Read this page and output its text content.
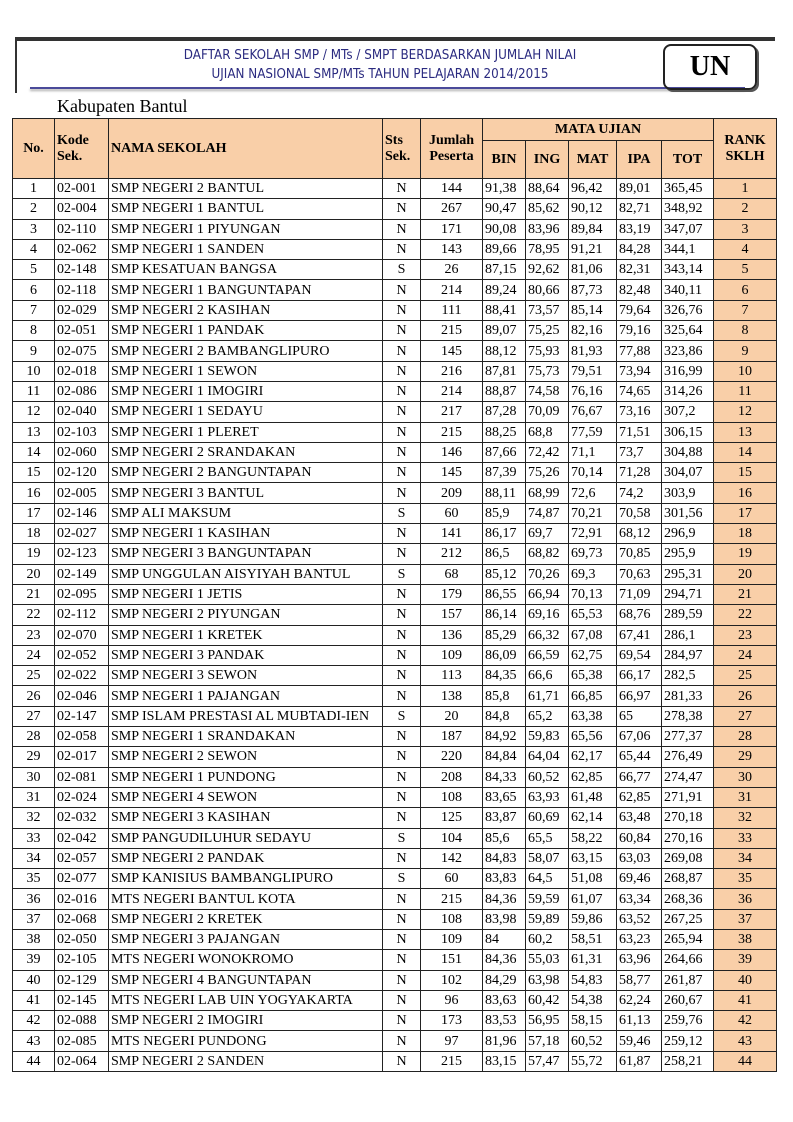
DAFTAR SEKOLAH SMP / MTs / SMPT BERDASARKAN JUMLAH NILAI
UJIAN NASIONAL SMP/MTs TAHUN PELAJARAN 2014/2015	UN
Kabupaten Bantul
No.	Kode Sek.	NAMA SEKOLAH	Sts Sek.	Jumlah Peserta	MATA UJIAN					RANK SKLH
					BIN	ING	MAT	IPA	TOT	
1	02-001	SMP NEGERI 2 BANTUL	N	144	91,38	88,64	96,42	89,01	365,45	1
2	02-004	SMP NEGERI 1 BANTUL	N	267	90,47	85,62	90,12	82,71	348,92	2
3	02-110	SMP NEGERI 1 PIYUNGAN	N	171	90,08	83,96	89,84	83,19	347,07	3
4	02-062	SMP NEGERI 1 SANDEN	N	143	89,66	78,95	91,21	84,28	344,1	4
5	02-148	SMP KESATUAN BANGSA	S	26	87,15	92,62	81,06	82,31	343,14	5
6	02-118	SMP NEGERI 1 BANGUNTAPAN	N	214	89,24	80,66	87,73	82,48	340,11	6
7	02-029	SMP NEGERI 2 KASIHAN	N	111	88,41	73,57	85,14	79,64	326,76	7
8	02-051	SMP NEGERI 1 PANDAK	N	215	89,07	75,25	82,16	79,16	325,64	8
9	02-075	SMP NEGERI 2 BAMBANGLIPURO	N	145	88,12	75,93	81,93	77,88	323,86	9
10	02-018	SMP NEGERI 1 SEWON	N	216	87,81	75,73	79,51	73,94	316,99	10
11	02-086	SMP NEGERI 1 IMOGIRI	N	214	88,87	74,58	76,16	74,65	314,26	11
12	02-040	SMP NEGERI 1 SEDAYU	N	217	87,28	70,09	76,67	73,16	307,2	12
13	02-103	SMP NEGERI 1 PLERET	N	215	88,25	68,8	77,59	71,51	306,15	13
14	02-060	SMP NEGERI 2 SRANDAKAN	N	146	87,66	72,42	71,1	73,7	304,88	14
15	02-120	SMP NEGERI 2 BANGUNTAPAN	N	145	87,39	75,26	70,14	71,28	304,07	15
16	02-005	SMP NEGERI 3 BANTUL	N	209	88,11	68,99	72,6	74,2	303,9	16
17	02-146	SMP ALI MAKSUM	S	60	85,9	74,87	70,21	70,58	301,56	17
18	02-027	SMP NEGERI 1 KASIHAN	N	141	86,17	69,7	72,91	68,12	296,9	18
19	02-123	SMP NEGERI 3 BANGUNTAPAN	N	212	86,5	68,82	69,73	70,85	295,9	19
20	02-149	SMP UNGGULAN AISYIYAH BANTUL	S	68	85,12	70,26	69,3	70,63	295,31	20
21	02-095	SMP NEGERI 1 JETIS	N	179	86,55	66,94	70,13	71,09	294,71	21
22	02-112	SMP NEGERI 2 PIYUNGAN	N	157	86,14	69,16	65,53	68,76	289,59	22
23	02-070	SMP NEGERI 1 KRETEK	N	136	85,29	66,32	67,08	67,41	286,1	23
24	02-052	SMP NEGERI 3 PANDAK	N	109	86,09	66,59	62,75	69,54	284,97	24
25	02-022	SMP NEGERI 3 SEWON	N	113	84,35	66,6	65,38	66,17	282,5	25
26	02-046	SMP NEGERI 1 PAJANGAN	N	138	85,8	61,71	66,85	66,97	281,33	26
27	02-147	SMP ISLAM PRESTASI AL MUBTADI-IEN	S	20	84,8	65,2	63,38	65	278,38	27
28	02-058	SMP NEGERI 1 SRANDAKAN	N	187	84,92	59,83	65,56	67,06	277,37	28
29	02-017	SMP NEGERI 2 SEWON	N	220	84,84	64,04	62,17	65,44	276,49	29
30	02-081	SMP NEGERI 1 PUNDONG	N	208	84,33	60,52	62,85	66,77	274,47	30
31	02-024	SMP NEGERI 4 SEWON	N	108	83,65	63,93	61,48	62,85	271,91	31
32	02-032	SMP NEGERI 3 KASIHAN	N	125	83,87	60,69	62,14	63,48	270,18	32
33	02-042	SMP PANGUDILUHUR SEDAYU	S	104	85,6	65,5	58,22	60,84	270,16	33
34	02-057	SMP NEGERI 2 PANDAK	N	142	84,83	58,07	63,15	63,03	269,08	34
35	02-077	SMP KANISIUS BAMBANGLIPURO	S	60	83,83	64,5	51,08	69,46	268,87	35
36	02-016	MTS NEGERI BANTUL KOTA	N	215	84,36	59,59	61,07	63,34	268,36	36
37	02-068	SMP NEGERI 2 KRETEK	N	108	83,98	59,89	59,86	63,52	267,25	37
38	02-050	SMP NEGERI 3 PAJANGAN	N	109	84	60,2	58,51	63,23	265,94	38
39	02-105	MTS NEGERI WONOKROMO	N	151	84,36	55,03	61,31	63,96	264,66	39
40	02-129	SMP NEGERI 4 BANGUNTAPAN	N	102	84,29	63,98	54,83	58,77	261,87	40
41	02-145	MTS NEGERI LAB UIN YOGYAKARTA	N	96	83,63	60,42	54,38	62,24	260,67	41
42	02-088	SMP NEGERI 2 IMOGIRI	N	173	83,53	56,95	58,15	61,13	259,76	42
43	02-085	MTS NEGERI PUNDONG	N	97	81,96	57,18	60,52	59,46	259,12	43
44	02-064	SMP NEGERI 2 SANDEN	N	215	83,15	57,47	55,72	61,87	258,21	44
